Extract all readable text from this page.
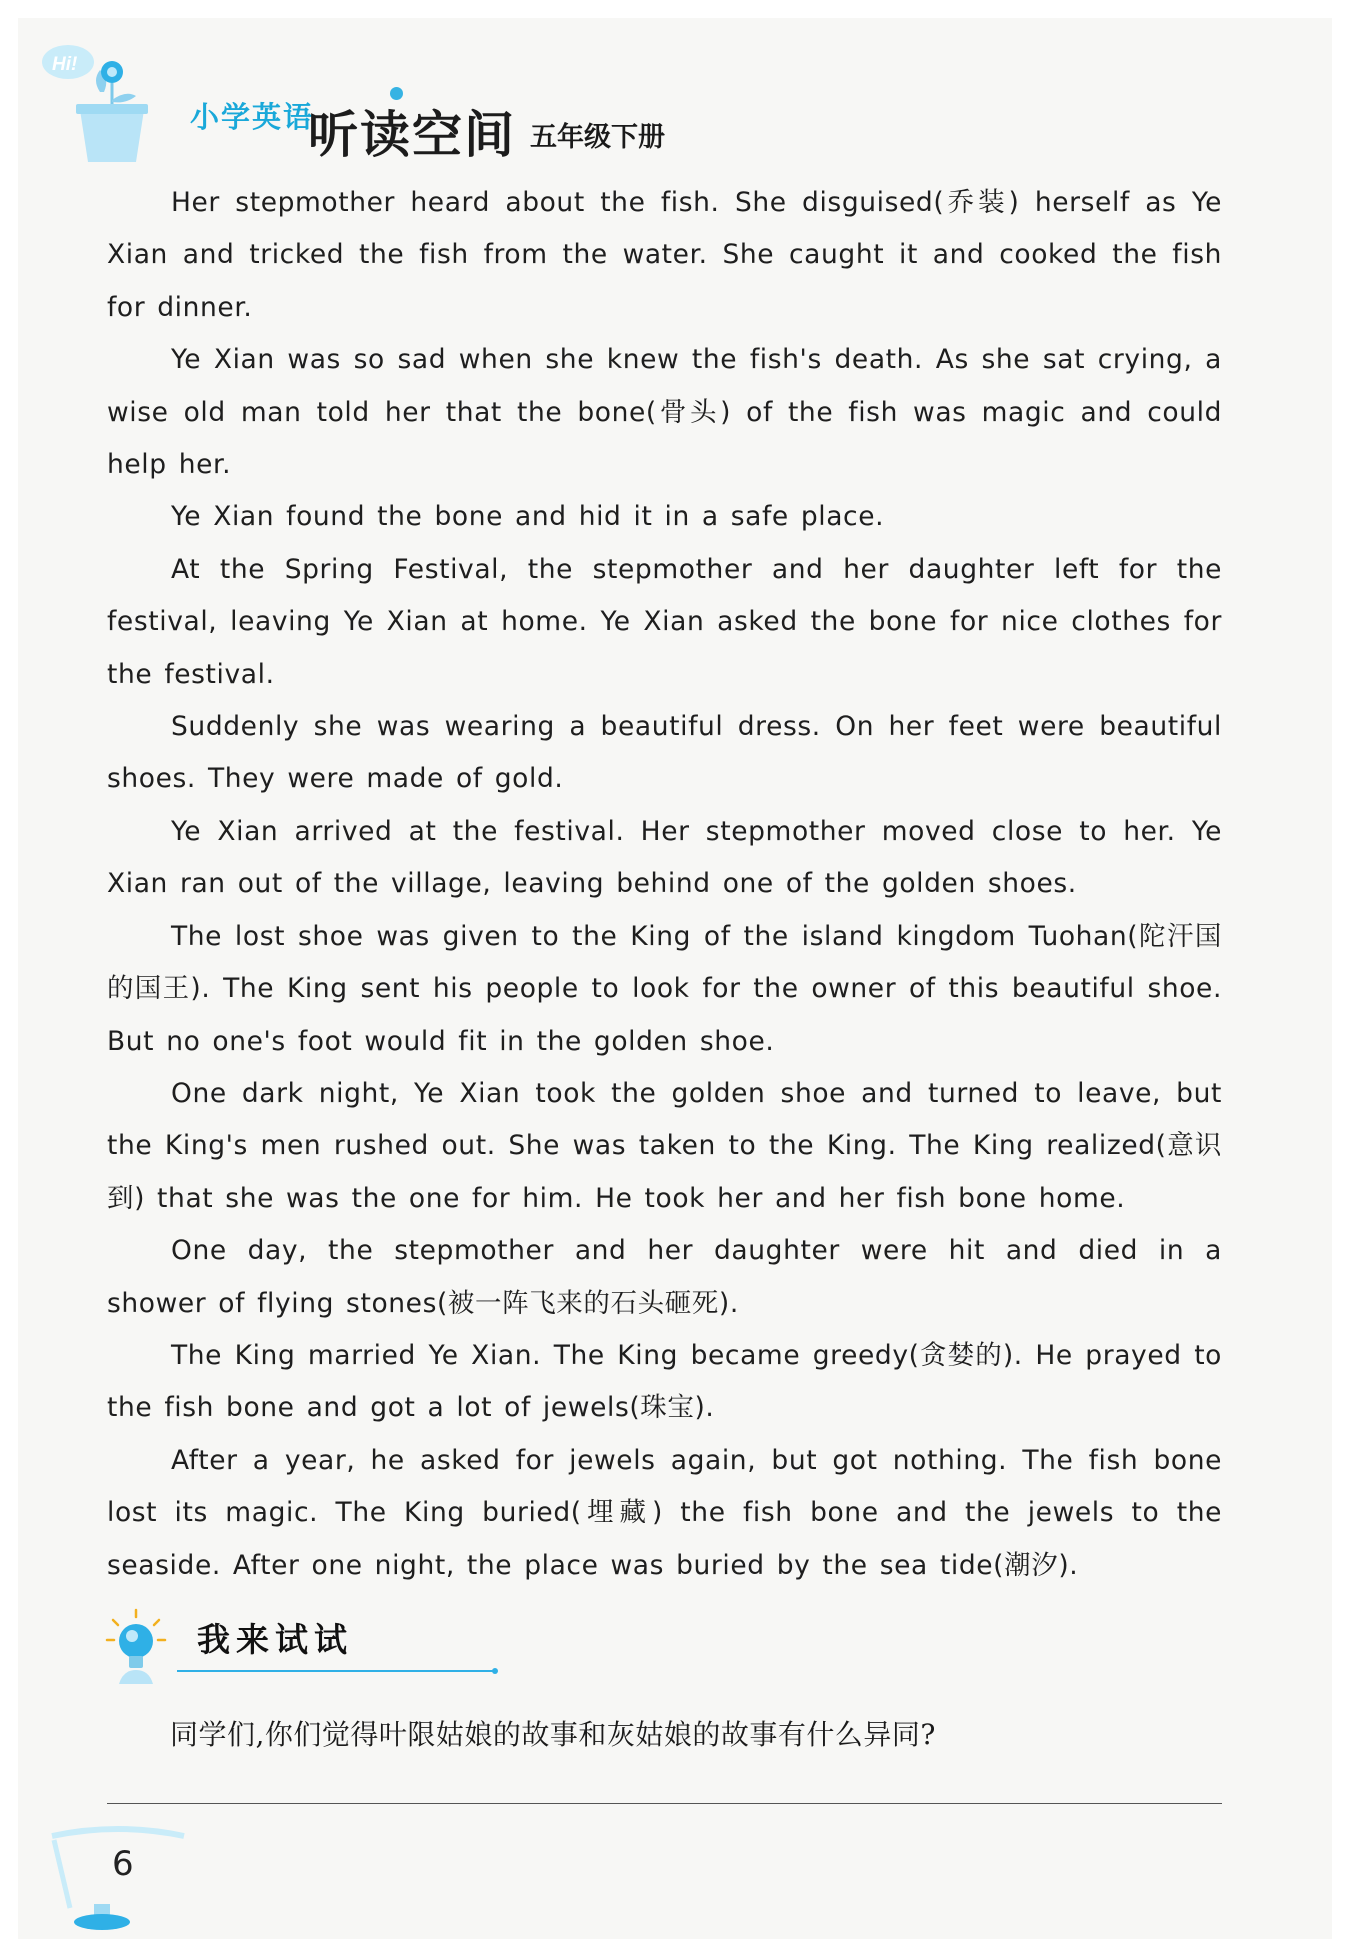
Hi!
小学英语
听读空间 五年级下册

Her stepmother heard about the fish. She disguised(乔装) herself as Ye Xian and tricked the fish from the water. She caught it and cooked the fish for dinner.

Ye Xian was so sad when she knew the fish's death. As she sat crying, a wise old man told her that the bone(骨头) of the fish was magic and could help her.

Ye Xian found the bone and hid it in a safe place.

At the Spring Festival, the stepmother and her daughter left for the festival, leaving Ye Xian at home. Ye Xian asked the bone for nice clothes for the festival.

Suddenly she was wearing a beautiful dress. On her feet were beautiful shoes. They were made of gold.

Ye Xian arrived at the festival. Her stepmother moved close to her. Ye Xian ran out of the village, leaving behind one of the golden shoes.

The lost shoe was given to the King of the island kingdom Tuohan(陀汗国的国王). The King sent his people to look for the owner of this beautiful shoe. But no one's foot would fit in the golden shoe.

One dark night, Ye Xian took the golden shoe and turned to leave, but the King's men rushed out. She was taken to the King. The King realized(意识到) that she was the one for him. He took her and her fish bone home.

One day, the stepmother and her daughter were hit and died in a shower of flying stones(被一阵飞来的石头砸死).

The King married Ye Xian. The King became greedy(贪婪的). He prayed to the fish bone and got a lot of jewels(珠宝).

After a year, he asked for jewels again, but got nothing. The fish bone lost its magic. The King buried(埋藏) the fish bone and the jewels to the seaside. After one night, the place was buried by the sea tide(潮汐).

我来试试
同学们,你们觉得叶限姑娘的故事和灰姑娘的故事有什么异同?
6
